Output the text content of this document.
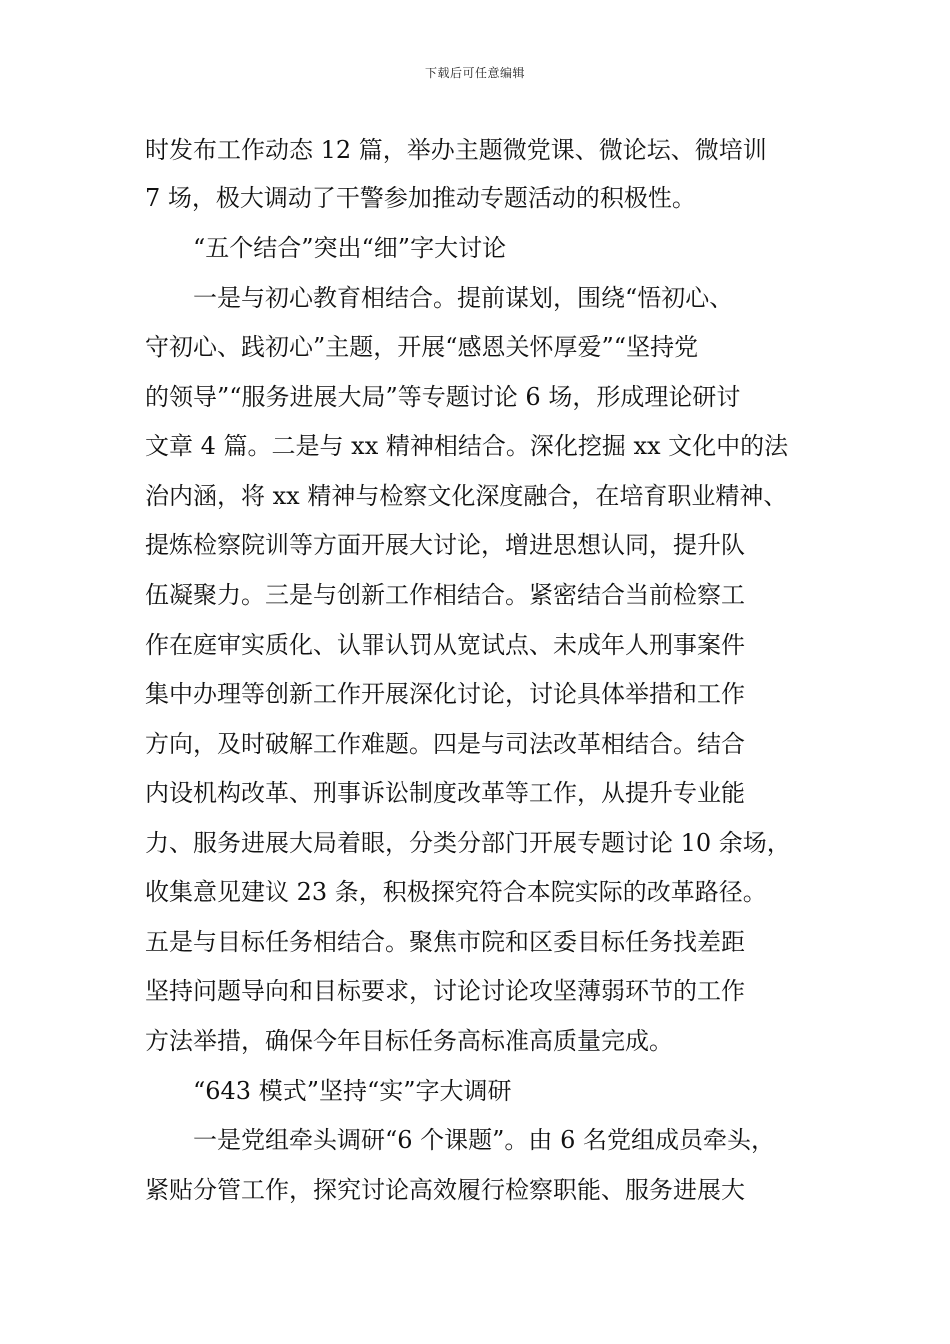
下载后可任意编辑
时发布工作动态 12 篇，举办主题微党课、微论坛、微培训
7 场，极大调动了干警参加推动专题活动的积极性。
“五个结合”突出“细”字大讨论
一是与初心教育相结合。提前谋划，围绕“悟初心、
守初心、践初心”主题，开展“感恩关怀厚爱”“坚持党
的领导”“服务进展大局”等专题讨论 6 场，形成理论研讨
文章 4 篇。二是与 xx 精神相结合。深化挖掘 xx 文化中的法
治内涵，将 xx 精神与检察文化深度融合，在培育职业精神、
提炼检察院训等方面开展大讨论，增进思想认同，提升队
伍凝聚力。三是与创新工作相结合。紧密结合当前检察工
作在庭审实质化、认罪认罚从宽试点、未成年人刑事案件
集中办理等创新工作开展深化讨论，讨论具体举措和工作
方向，及时破解工作难题。四是与司法改革相结合。结合
内设机构改革、刑事诉讼制度改革等工作，从提升专业能
力、服务进展大局着眼，分类分部门开展专题讨论 10 余场，
收集意见建议 23 条，积极探究符合本院实际的改革路径。
五是与目标任务相结合。聚焦市院和区委目标任务找差距
坚持问题导向和目标要求，讨论讨论攻坚薄弱环节的工作
方法举措，确保今年目标任务高标准高质量完成。
“643 模式”坚持“实”字大调研
一是党组牵头调研“6 个课题”。由 6 名党组成员牵头，
紧贴分管工作，探究讨论高效履行检察职能、服务进展大
